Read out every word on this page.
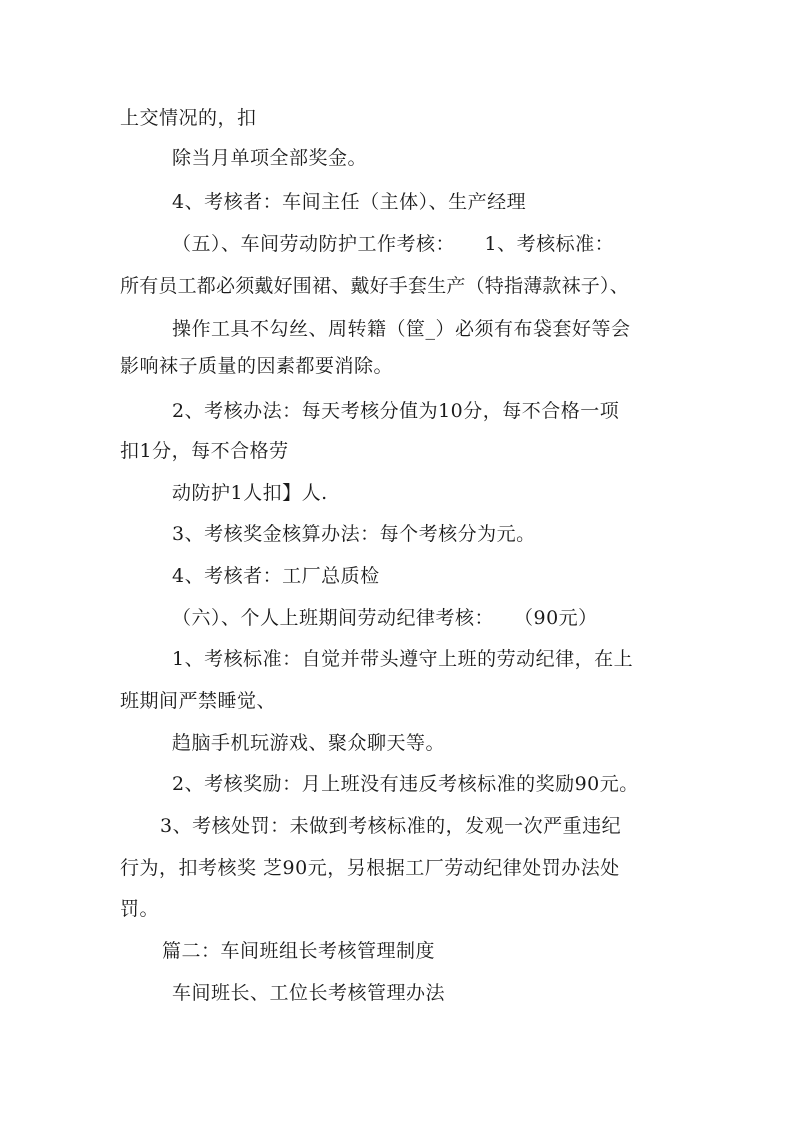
上交情况的，扣
除当月单项全部奖金。
4、考核者：车间主任（主体）、生产经理
（五）、车间劳动防护工作考核：　　1、考核标准：
所有员工都必须戴好围裙、戴好手套生产（特指薄款袜子）、
操作工具不勾丝、周转籍（筐_）必须有布袋套好等会
影响袜子质量的因素都要消除。
2、考核办法：每天考核分值为10分，每不合格一项
扣1分，每不合格劳
动防护1人扣】人.
3、考核奖金核算办法：每个考核分为元。
4、考核者：工厂总质检
（六）、个人上班期间劳动纪律考核：　　（90元）
1、考核标准：自觉并带头遵守上班的劳动纪律，在上
班期间严禁睡觉、
趋脑手机玩游戏、聚众聊天等。
2、考核奖励：月上班没有违反考核标准的奖励90元。
3、考核处罚：未做到考核标准的，发观一次严重违纪
行为，扣考核奖 芝90元，另根据工厂劳动纪律处罚办法处
罚。
篇二：车间班组长考核管理制度
车间班长、工位长考核管理办法
